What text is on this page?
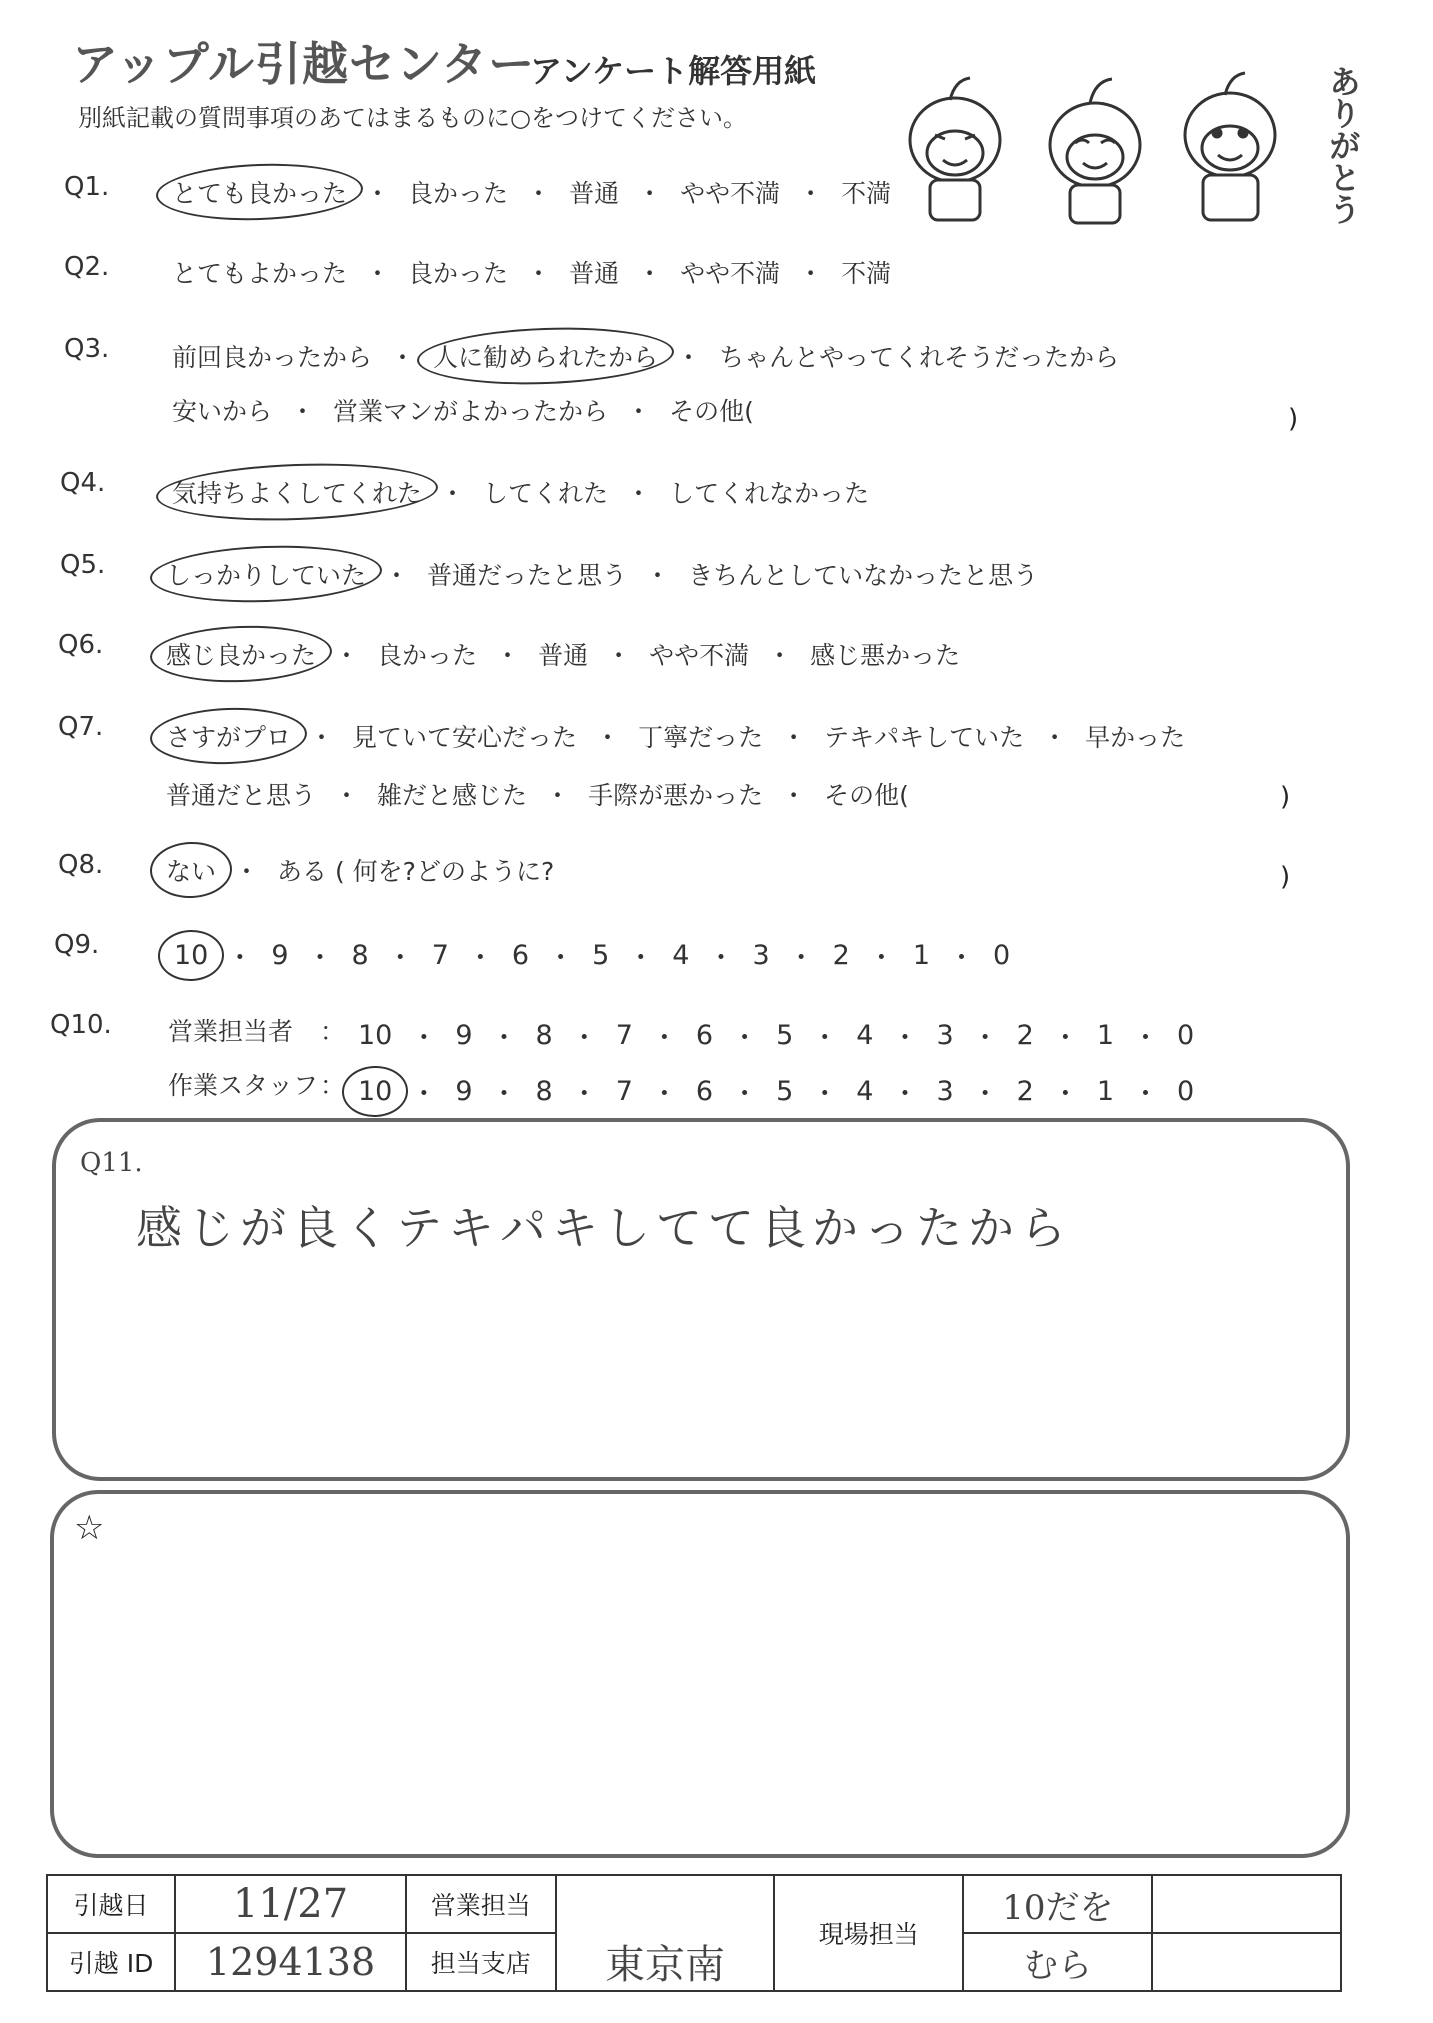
アップル引越センター
アンケート解答用紙
別紙記載の質問事項のあてはまるものに○をつけてください。	ありがとう
Q1.	とても良かった ・ 良かった ・ 普通 ・ やや不満 ・ 不満
Q2.	とてもよかった ・ 良かった ・ 普通 ・ やや不満 ・ 不満
Q3.	前回良かったから ・ 人に勧められたから ・ ちゃんとやってくれそうだったから
安いから ・ 営業マンがよかったから ・ その他(	)
Q4.	気持ちよくしてくれた ・ してくれた ・ してくれなかった
Q5. しっかりしていた ・ 普通だったと思う ・ きちんとしていなかったと思う
Q6.	感じ良かった ・ 良かった ・ 普通 ・ やや不満 ・ 感じ悪かった
Q7.	さすがプロ ・ 見ていて安心だった ・ 丁寧だった ・ テキパキしていた ・ 早かった
普通だと思う ・ 雑だと感じた ・ 手際が悪かった ・ その他(	)
Q8.	ない ・ ある ( 何を?どのように?	)
Q9.	10 ・ 9 ・ 8 ・ 7 ・ 6 ・ 5 ・ 4 ・ 3 ・ 2 ・ 1 ・ 0
Q10. 営業担当者 ： 10 ・ 9 ・ 8 ・ 7 ・ 6 ・ 5 ・ 4 ・ 3 ・ 2 ・ 1 ・ 0
作業スタッフ ： 10 ・ 9 ・ 8 ・ 7 ・ 6 ・ 5 ・ 4 ・ 3 ・ 2 ・ 1 ・ 0
Q11.
感じが良くテキパキしてて良かったから
☆
引越日	11/27	営業担当	東京南	現場担当	10だを	
引越 ID	1294138	担当支店			むら	
